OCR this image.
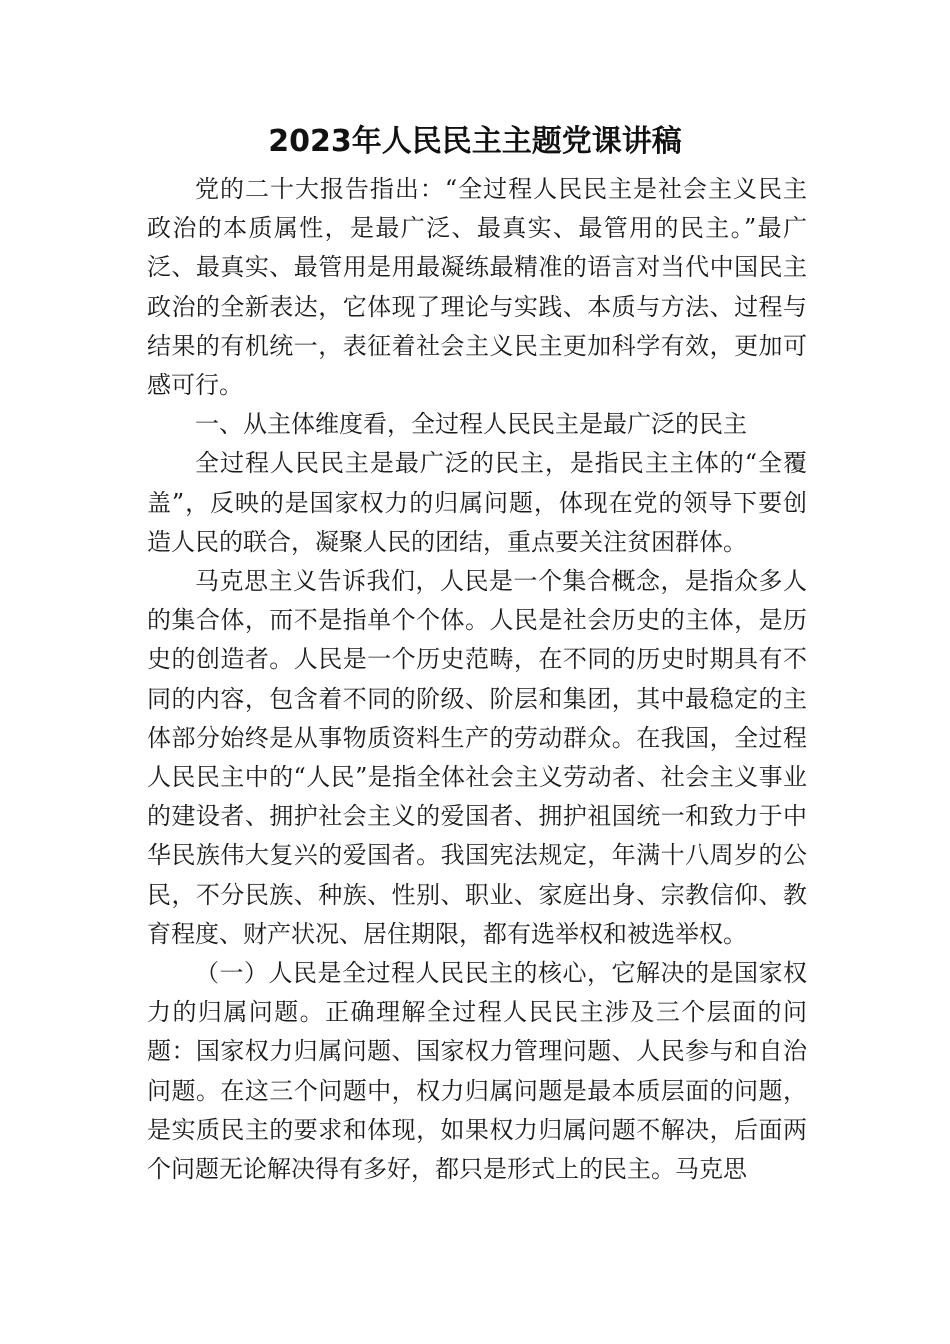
2023年人民民主主题党课讲稿

党的二十大报告指出：“全过程人民民主是社会主义民主政治的本质属性，是最广泛、最真实、最管用的民主。”最广泛、最真实、最管用是用最凝练最精准的语言对当代中国民主政治的全新表达，它体现了理论与实践、本质与方法、过程与结果的有机统一，表征着社会主义民主更加科学有效，更加可感可行。

一、从主体维度看，全过程人民民主是最广泛的民主

全过程人民民主是最广泛的民主，是指民主主体的“全覆盖”，反映的是国家权力的归属问题，体现在党的领导下要创造人民的联合，凝聚人民的团结，重点要关注贫困群体。

马克思主义告诉我们，人民是一个集合概念，是指众多人的集合体，而不是指单个个体。人民是社会历史的主体，是历史的创造者。人民是一个历史范畴，在不同的历史时期具有不同的内容，包含着不同的阶级、阶层和集团，其中最稳定的主体部分始终是从事物质资料生产的劳动群众。在我国，全过程人民民主中的“人民”是指全体社会主义劳动者、社会主义事业的建设者、拥护社会主义的爱国者、拥护祖国统一和致力于中华民族伟大复兴的爱国者。我国宪法规定，年满十八周岁的公民，不分民族、种族、性别、职业、家庭出身、宗教信仰、教育程度、财产状况、居住期限，都有选举权和被选举权。

（一）人民是全过程人民民主的核心，它解决的是国家权力的归属问题。正确理解全过程人民民主涉及三个层面的问题：国家权力归属问题、国家权力管理问题、人民参与和自治问题。在这三个问题中，权力归属问题是最本质层面的问题，是实质民主的要求和体现，如果权力归属问题不解决，后面两个问题无论解决得有多好，都只是形式上的民主。马克思
